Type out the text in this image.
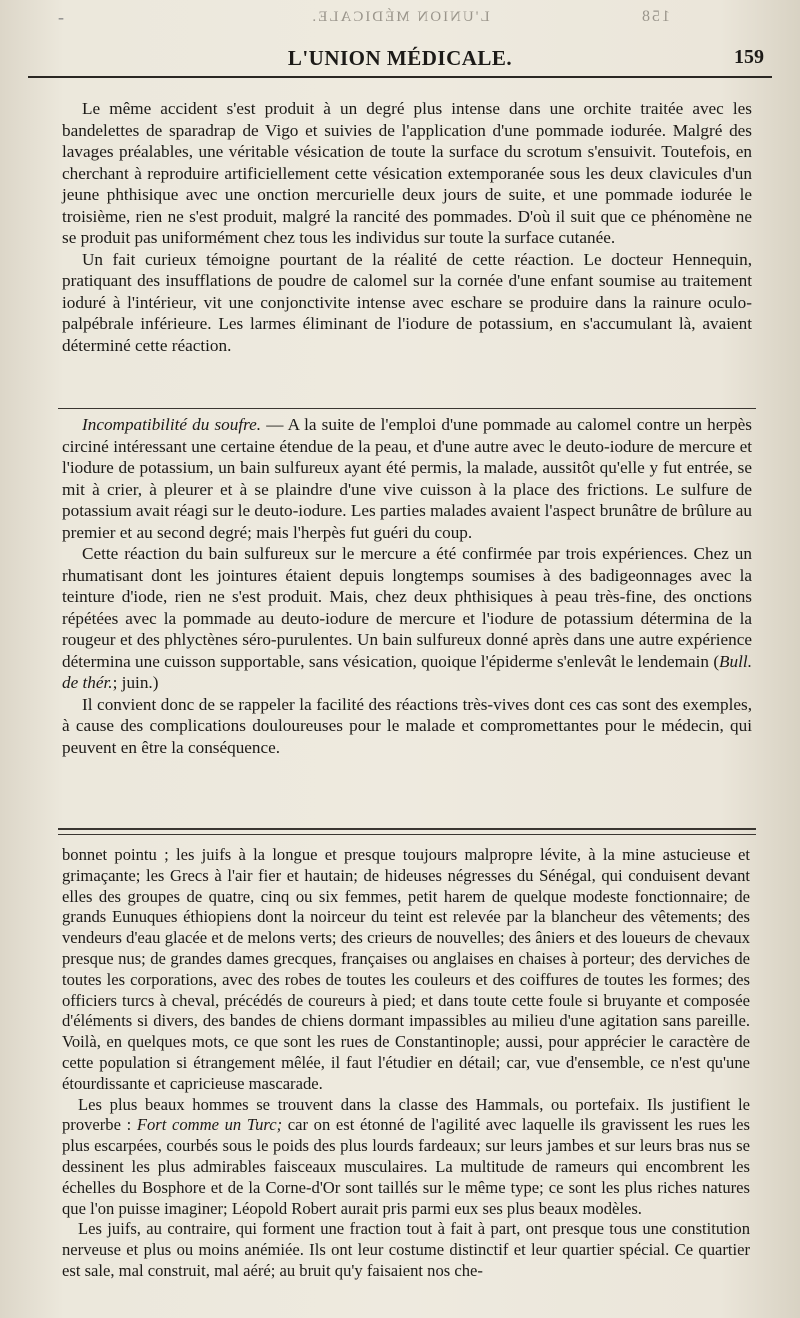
-	L'UNION MÉDICALE.	158
L'UNION MÉDICALE.	159

Le même accident s'est produit à un degré plus intense dans une orchite traitée avec les bandelettes de sparadrap de Vigo et suivies de l'application d'une pommade iodurée. Malgré des lavages préalables, une véritable vésication de toute la surface du scrotum s'ensuivit. Toutefois, en cherchant à reproduire artificiellement cette vésication extemporanée sous les deux clavicules d'un jeune phthisique avec une onction mercurielle deux jours de suite, et une pommade iodurée le troisième, rien ne s'est produit, malgré la rancité des pommades. D'où il suit que ce phénomène ne se produit pas uniformément chez tous les individus sur toute la surface cutanée.

Un fait curieux témoigne pourtant de la réalité de cette réaction. Le docteur Hennequin, pratiquant des insufflations de poudre de calomel sur la cornée d'une enfant soumise au traitement ioduré à l'intérieur, vit une conjonctivite intense avec eschare se produire dans la rainure oculo-palpébrale inférieure. Les larmes éliminant de l'iodure de potassium, en s'accumulant là, avaient déterminé cette réaction.

Incompatibilité du soufre. — A la suite de l'emploi d'une pommade au calomel contre un herpès circiné intéressant une certaine étendue de la peau, et d'une autre avec le deuto-iodure de mercure et l'iodure de potassium, un bain sulfureux ayant été permis, la malade, aussitôt qu'elle y fut entrée, se mit à crier, à pleurer et à se plaindre d'une vive cuisson à la place des frictions. Le sulfure de potassium avait réagi sur le deuto-iodure. Les parties malades avaient l'aspect brunâtre de brûlure au premier et au second degré; mais l'herpès fut guéri du coup.

Cette réaction du bain sulfureux sur le mercure a été confirmée par trois expériences. Chez un rhumatisant dont les jointures étaient depuis longtemps soumises à des badigeonnages avec la teinture d'iode, rien ne s'est produit. Mais, chez deux phthisiques à peau très-fine, des onctions répétées avec la pommade au deuto-iodure de mercure et l'iodure de potassium détermina de la rougeur et des phlyctènes séro-purulentes. Un bain sulfureux donné après dans une autre expérience détermina une cuisson supportable, sans vésication, quoique l'épiderme s'enlevât le lendemain (Bull. de thér.; juin.)

Il convient donc de se rappeler la facilité des réactions très-vives dont ces cas sont des exemples, à cause des complications douloureuses pour le malade et compromettantes pour le médecin, qui peuvent en être la conséquence.

bonnet pointu ; les juifs à la longue et presque toujours malpropre lévite, à la mine astucieuse et grimaçante; les Grecs à l'air fier et hautain; de hideuses négresses du Sénégal, qui conduisent devant elles des groupes de quatre, cinq ou six femmes, petit harem de quelque modeste fonctionnaire; de grands Eunuques éthiopiens dont la noirceur du teint est relevée par la blancheur des vêtements; des vendeurs d'eau glacée et de melons verts; des crieurs de nouvelles; des âniers et des loueurs de chevaux presque nus; de grandes dames grecques, françaises ou anglaises en chaises à porteur; des derviches de toutes les corporations, avec des robes de toutes les couleurs et des coiffures de toutes les formes; des officiers turcs à cheval, précédés de coureurs à pied; et dans toute cette foule si bruyante et composée d'éléments si divers, des bandes de chiens dormant impassibles au milieu d'une agitation sans pareille. Voilà, en quelques mots, ce que sont les rues de Constantinople; aussi, pour apprécier le caractère de cette population si étrangement mêlée, il faut l'étudier en détail; car, vue d'ensemble, ce n'est qu'une étourdissante et capricieuse mascarade.

Les plus beaux hommes se trouvent dans la classe des Hammals, ou portefaix. Ils justifient le proverbe : Fort comme un Turc; car on est étonné de l'agilité avec laquelle ils gravissent les rues les plus escarpées, courbés sous le poids des plus lourds fardeaux; sur leurs jambes et sur leurs bras nus se dessinent les plus admirables faisceaux musculaires. La multitude de rameurs qui encombrent les échelles du Bosphore et de la Corne-d'Or sont taillés sur le même type; ce sont les plus riches natures que l'on puisse imaginer; Léopold Robert aurait pris parmi eux ses plus beaux modèles.

Les juifs, au contraire, qui forment une fraction tout à fait à part, ont presque tous une constitution nerveuse et plus ou moins anémiée. Ils ont leur costume distinctif et leur quartier spécial. Ce quartier est sale, mal construit, mal aéré; au bruit qu'y faisaient nos che-
